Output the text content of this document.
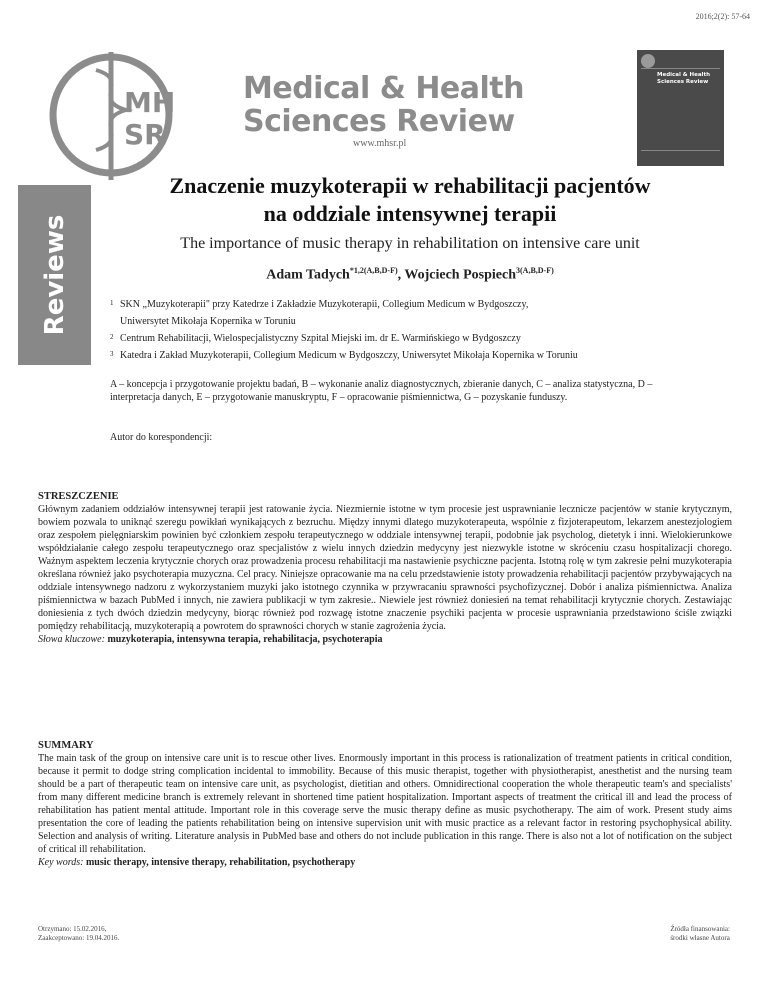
2016;2(2): 57-64
MH
SR
Medical & Health
Sciences Review
www.mhsr.pl
Medical & Health
Sciences Review
Reviews
Znaczenie muzykoterapii w rehabilitacji pacjentów
na oddziale intensywnej terapii
The importance of music therapy in rehabilitation on intensive care unit
Adam Tadych$^{*1,2(A,B,D-F)}$, Wojciech Pospiech$^{3(A,B,D-F)}$
1 SKN „Muzykoterapii" przy Katedrze i Zakładzie Muzykoterapii, Collegium Medicum w Bydgoszczy,
Uniwersytet Mikołaja Kopernika w Toruniu
2 Centrum Rehabilitacji, Wielospecjalistyczny Szpital Miejski im. dr E. Warmińskiego w Bydgoszczy
3 Katedra i Zakład Muzykoterapii, Collegium Medicum w Bydgoszczy, Uniwersytet Mikołaja Kopernika w Toruniu
A – koncepcja i przygotowanie projektu badań, B – wykonanie analiz diagnostycznych, zbieranie danych, C – analiza statystyczna, D – interpretacja danych, E – przygotowanie manuskryptu, F – opracowanie piśmiennictwa, G – pozyskanie funduszy.
Autor do korespondencji:
STRESZCZENIE
Głównym zadaniem oddziałów intensywnej terapii jest ratowanie życia. Niezmiernie istotne w tym procesie jest usprawnianie lecznicze pacjentów w stanie krytycznym, bowiem pozwala to uniknąć szeregu powikłań wynikających z bezruchu. Między innymi dlatego muzykoterapeuta, wspólnie z fizjoterapeutom, lekarzem anestezjologiem oraz zespołem pielęgniarskim powinien być członkiem zespołu terapeutycznego w oddziale intensywnej terapii, podobnie jak psycholog, dietetyk i inni. Wielokierunkowe współdziałanie całego zespołu terapeutycznego oraz specjalistów z wielu innych dziedzin medycyny jest niezwykle istotne w skróceniu czasu hospitalizacji chorego. Ważnym aspektem leczenia krytycznie chorych oraz prowadzenia procesu rehabilitacji ma nastawienie psychiczne pacjenta. Istotną rolę w tym zakresie pełni muzykoterapia określana również jako psychoterapia muzyczna. Cel pracy. Niniejsze opracowanie ma na celu przedstawienie istoty prowadzenia rehabilitacji pacjentów przybywających na oddziale intensywnego nadzoru z wykorzystaniem muzyki jako istotnego czynnika w przywracaniu sprawności psychofizycznej. Dobór i analiza piśmiennictwa. Analiza piśmiennictwa w bazach PubMed i innych, nie zawiera publikacji w tym zakresie.. Niewiele jest również doniesień na temat rehabilitacji krytycznie chorych. Zestawiając doniesienia z tych dwóch dziedzin medycyny, biorąc również pod rozwagę istotne znaczenie psychiki pacjenta w procesie usprawniania przedstawiono ściśle związki pomiędzy rehabilitacją, muzykoterapią a powrotem do sprawności chorych w stanie zagrożenia życia.
Słowa kluczowe: muzykoterapia, intensywna terapia, rehabilitacja, psychoterapia
SUMMARY
The main task of the group on intensive care unit is to rescue other lives. Enormously important in this process is rationalization of treatment patients in critical condition, because it permit to dodge string complication incidental to immobility. Because of this music therapist, together with physiotherapist, anesthetist and the nursing team should be a part of therapeutic team on intensive care unit, as psychologist, dietitian and others. Omnidirectional cooperation the whole therapeutic team's and specialists' from many different medicine branch is extremely relevant in shortened time patient hospitalization. Important aspects of treatment the critical ill and lead the process of rehabilitation has patient mental attitude. Important role in this coverage serve the music therapy define as music psychotherapy. The aim of work. Present study aims presentation the core of leading the patients rehabilitation being on intensive supervision unit with music practice as a relevant factor in restoring psychophysical ability. Selection and analysis of writing. Literature analysis in PubMed base and others do not include publication in this range. There is also not a lot of notification on the subject of critical ill rehabilitation.
Key words: music therapy, intensive therapy, rehabilitation, psychotherapy
Otrzymano: 15.02.2016,
Zaakceptowano: 19.04.2016.
Źródła finansowania:
środki własne Autora
